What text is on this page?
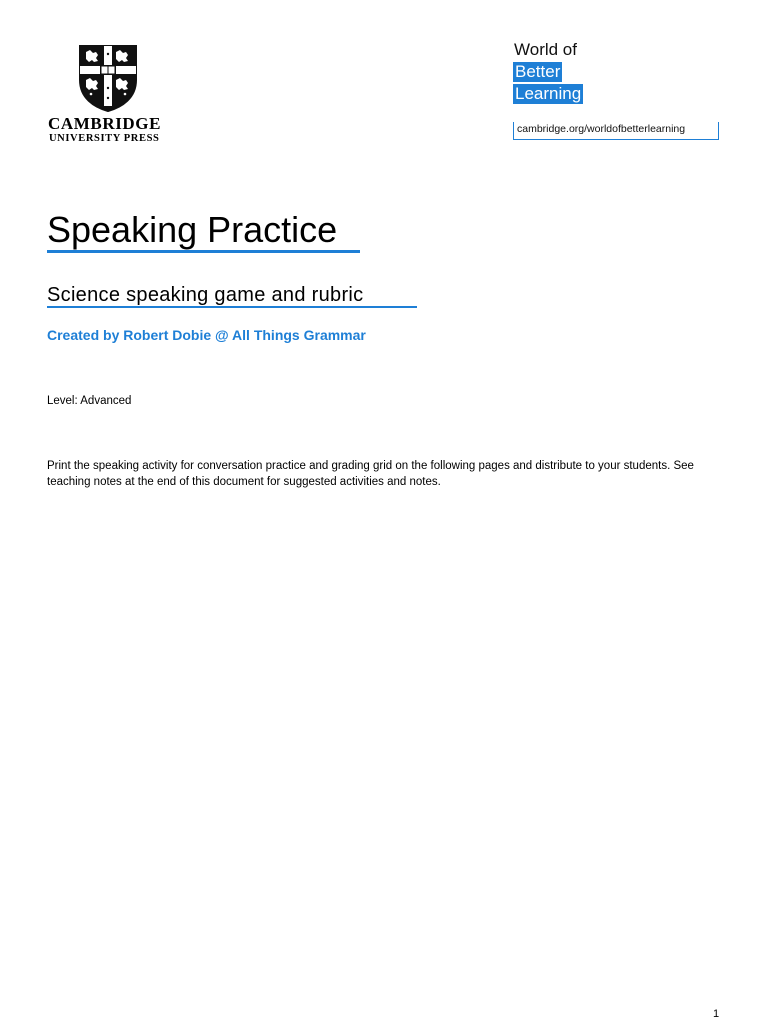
CAMBRIDGE
UNIVERSITY PRESS
World of
Better
Learning
cambridge.org/worldofbetterlearning
Speaking Practice
Science speaking game and rubric
Created by Robert Dobie @ All Things Grammar
Level: Advanced
Print the speaking activity for conversation practice and grading grid on the following pages and distribute to your students. See teaching notes at the end of this document for suggested activities and notes.
1
